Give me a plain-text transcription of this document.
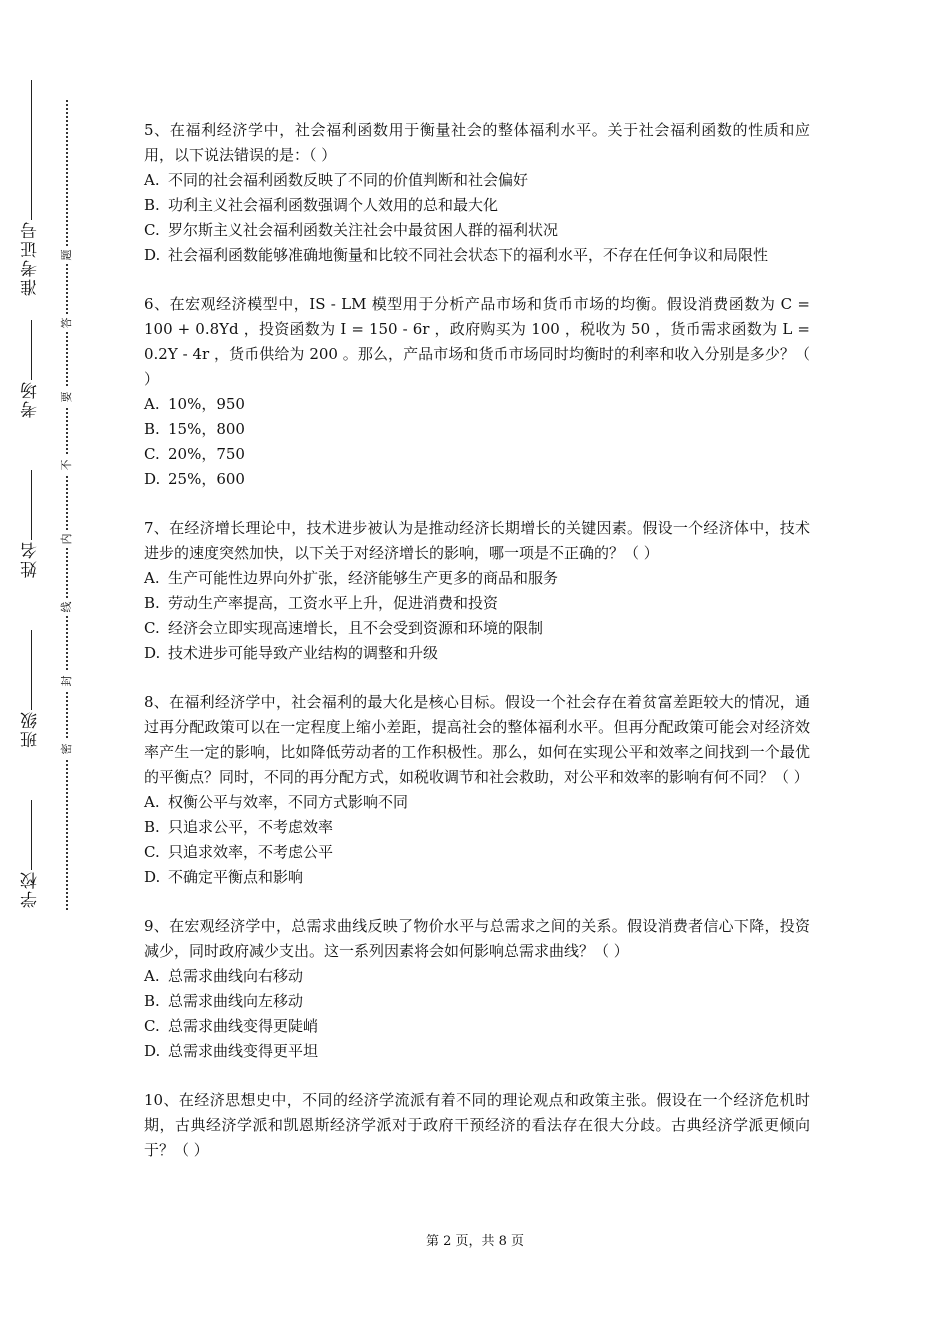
准考证号
考场
姓名
班级
学校
题
答
要
不
内
线
封
密
5、在福利经济学中，社会福利函数用于衡量社会的整体福利水平。关于社会福利函数的性质和应用，以下说法错误的是：（ ）
A. 不同的社会福利函数反映了不同的价值判断和社会偏好
B. 功利主义社会福利函数强调个人效用的总和最大化
C. 罗尔斯主义社会福利函数关注社会中最贫困人群的福利状况
D. 社会福利函数能够准确地衡量和比较不同社会状态下的福利水平，不存在任何争议和局限性
6、在宏观经济模型中，IS - LM 模型用于分析产品市场和货币市场的均衡。假设消费函数为 C = 100 + 0.8Yd ，投资函数为 I = 150 - 6r ，政府购买为 100 ，税收为 50 ，货币需求函数为 L = 0.2Y - 4r ，货币供给为 200 。那么，产品市场和货币市场同时均衡时的利率和收入分别是多少？（ ）
A. 10%，950
B. 15%，800
C. 20%，750
D. 25%，600
7、在经济增长理论中，技术进步被认为是推动经济长期增长的关键因素。假设一个经济体中，技术进步的速度突然加快，以下关于对经济增长的影响，哪一项是不正确的？（ ）
A. 生产可能性边界向外扩张，经济能够生产更多的商品和服务
B. 劳动生产率提高，工资水平上升，促进消费和投资
C. 经济会立即实现高速增长，且不会受到资源和环境的限制
D. 技术进步可能导致产业结构的调整和升级
8、在福利经济学中，社会福利的最大化是核心目标。假设一个社会存在着贫富差距较大的情况，通过再分配政策可以在一定程度上缩小差距，提高社会的整体福利水平。但再分配政策可能会对经济效率产生一定的影响，比如降低劳动者的工作积极性。那么，如何在实现公平和效率之间找到一个最优的平衡点？同时，不同的再分配方式，如税收调节和社会救助，对公平和效率的影响有何不同？（ ）
A. 权衡公平与效率，不同方式影响不同
B. 只追求公平，不考虑效率
C. 只追求效率，不考虑公平
D. 不确定平衡点和影响
9、在宏观经济学中，总需求曲线反映了物价水平与总需求之间的关系。假设消费者信心下降，投资减少，同时政府减少支出。这一系列因素将会如何影响总需求曲线？（ ）
A. 总需求曲线向右移动
B. 总需求曲线向左移动
C. 总需求曲线变得更陡峭
D. 总需求曲线变得更平坦
10、在经济思想史中，不同的经济学流派有着不同的理论观点和政策主张。假设在一个经济危机时期，古典经济学派和凯恩斯经济学派对于政府干预经济的看法存在很大分歧。古典经济学派更倾向于？（ ）
第 2 页，共 8 页
